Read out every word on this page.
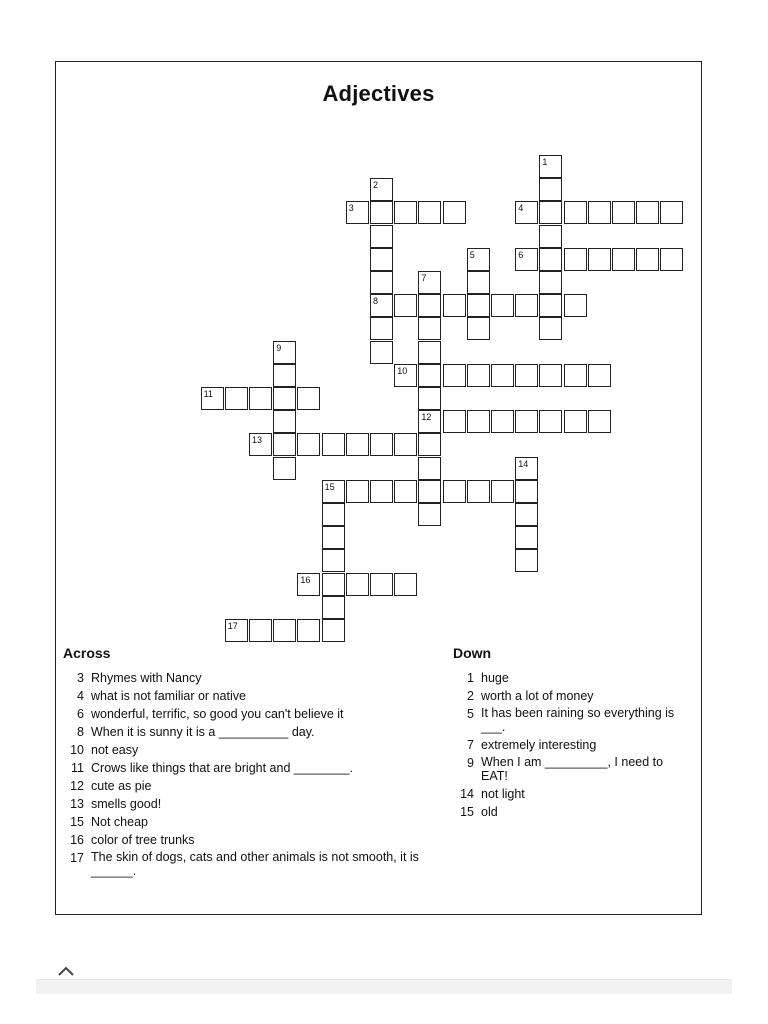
Adjectives
3	4
6
8
10
11
12
13
15
16
17
1
2
5
7
9
14
Across	Down
3 Rhymes with Nancy
4 what is not familiar or native
6 wonderful, terrific, so good you can't believe it
8 When it is sunny it is a __________ day.
10 not easy
11 Crows like things that are bright and ________.
12 cute as pie
13 smells good!
15 Not cheap
16 color of tree trunks
17 The skin of dogs, cats and other animals is not smooth, it is ______.
1 huge
2 worth a lot of money
5 It has been raining so everything is ___.
7 extremely interesting
9 When I am _________, I need to EAT!
14 not light
15 old
